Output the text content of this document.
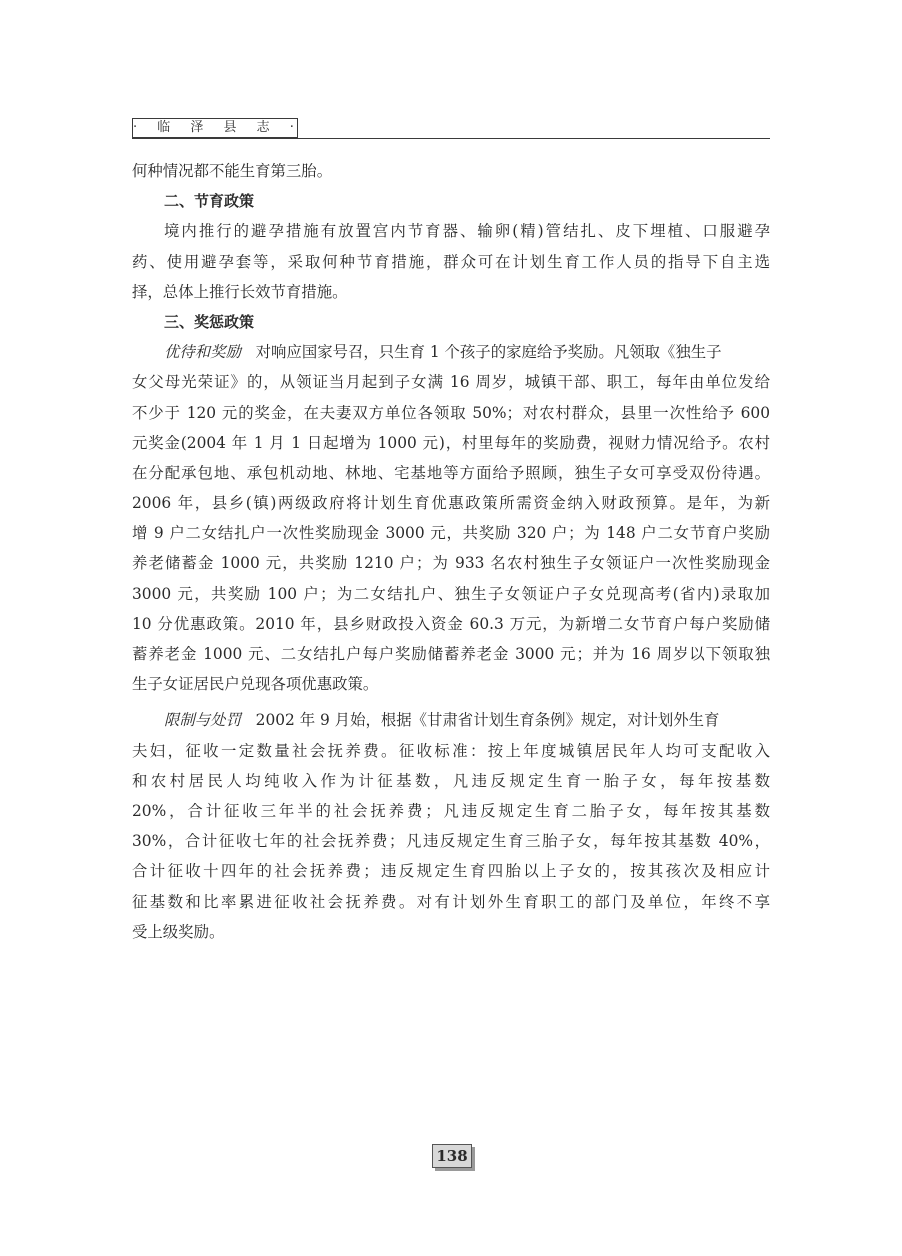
· 临 泽 县 志 ·
何种情况都不能生育第三胎。
二、节育政策
境内推行的避孕措施有放置宫内节育器、输卵(精)管结扎、皮下埋植、口服避孕
药、使用避孕套等，采取何种节育措施，群众可在计划生育工作人员的指导下自主选
择，总体上推行长效节育措施。
三、奖惩政策
优待和奖励 对响应国家号召，只生育 1 个孩子的家庭给予奖励。凡领取《独生子
女父母光荣证》的，从领证当月起到子女满 16 周岁，城镇干部、职工，每年由单位发给
不少于 120 元的奖金，在夫妻双方单位各领取 50%；对农村群众，县里一次性给予 600
元奖金(2004 年 1 月 1 日起增为 1000 元)，村里每年的奖励费，视财力情况给予。农村
在分配承包地、承包机动地、林地、宅基地等方面给予照顾，独生子女可享受双份待遇。
2006 年，县乡(镇)两级政府将计划生育优惠政策所需资金纳入财政预算。是年，为新
增 9 户二女结扎户一次性奖励现金 3000 元，共奖励 320 户；为 148 户二女节育户奖励
养老储蓄金 1000 元，共奖励 1210 户；为 933 名农村独生子女领证户一次性奖励现金
3000 元，共奖励 100 户；为二女结扎户、独生子女领证户子女兑现高考(省内)录取加
10 分优惠政策。2010 年，县乡财政投入资金 60.3 万元，为新增二女节育户每户奖励储
蓄养老金 1000 元、二女结扎户每户奖励储蓄养老金 3000 元；并为 16 周岁以下领取独
生子女证居民户兑现各项优惠政策。
限制与处罚 2002 年 9 月始，根据《甘肃省计划生育条例》规定，对计划外生育
夫妇，征收一定数量社会抚养费。征收标准：按上年度城镇居民年人均可支配收入
和农村居民人均纯收入作为计征基数，凡违反规定生育一胎子女，每年按基数
20%，合计征收三年半的社会抚养费；凡违反规定生育二胎子女，每年按其基数
30%，合计征收七年的社会抚养费；凡违反规定生育三胎子女，每年按其基数 40%，
合计征收十四年的社会抚养费；违反规定生育四胎以上子女的，按其孩次及相应计
征基数和比率累进征收社会抚养费。对有计划外生育职工的部门及单位，年终不享
受上级奖励。
138
